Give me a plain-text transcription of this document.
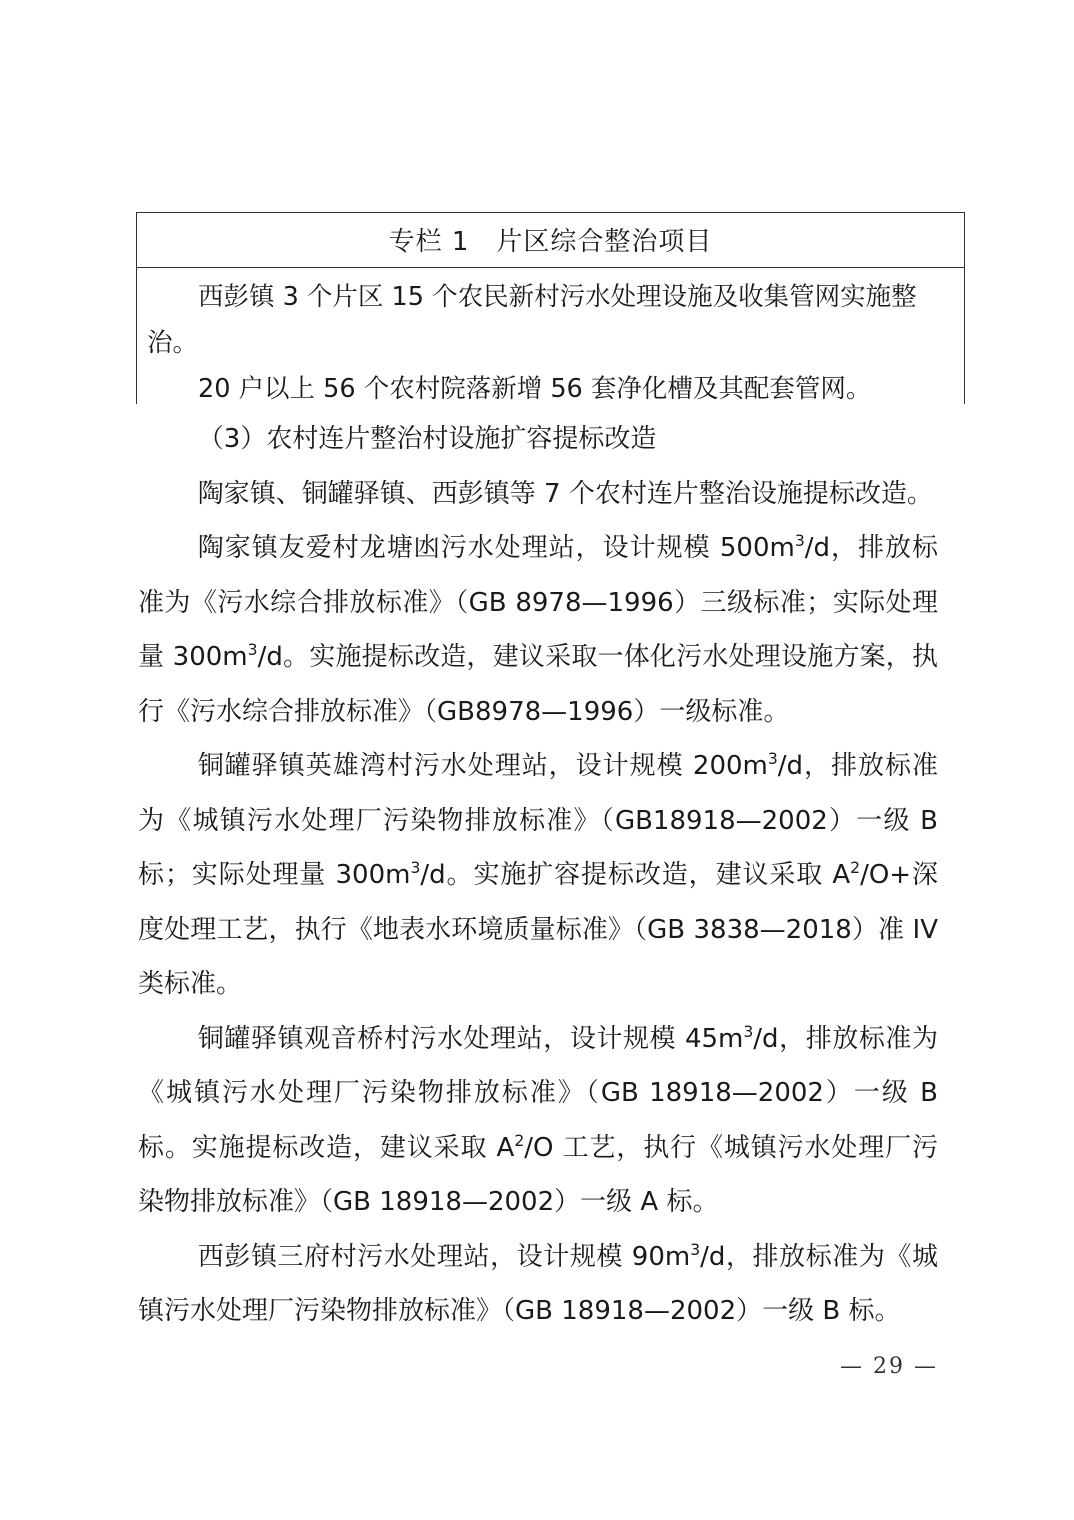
专栏 1　片区综合整治项目

西彭镇 3 个片区 15 个农民新村污水处理设施及收集管网实施整治。

20 户以上 56 个农村院落新增 56 套净化槽及其配套管网。

（3）农村连片整治村设施扩容提标改造

陶家镇、铜罐驿镇、西彭镇等 7 个农村连片整治设施提标改造。

陶家镇友爱村龙塘凼污水处理站，设计规模 $500m^3/d$，排放标准为《污水综合排放标准》（GB 8978—1996）三级标准；实际处理量 $300m^3/d$。实施提标改造，建议采取一体化污水处理设施方案，执行《污水综合排放标准》（GB8978—1996）一级标准。

铜罐驿镇英雄湾村污水处理站，设计规模 $200m^3/d$，排放标准为《城镇污水处理厂污染物排放标准》（GB18918—2002）一级 B 标；实际处理量 $300m^3/d$。实施扩容提标改造，建议采取 $A^2/O+$深度处理工艺，执行《地表水环境质量标准》（GB 3838—2018）准 IV 类标准。

铜罐驿镇观音桥村污水处理站，设计规模 $45m^3/d$，排放标准为《城镇污水处理厂污染物排放标准》（GB 18918—2002）一级 B 标。实施提标改造，建议采取 $A^2/O$ 工艺，执行《城镇污水处理厂污染物排放标准》（GB 18918—2002）一级 A 标。

西彭镇三府村污水处理站，设计规模 $90m^3/d$，排放标准为《城镇污水处理厂污染物排放标准》（GB 18918—2002）一级 B 标。

— 29 —
